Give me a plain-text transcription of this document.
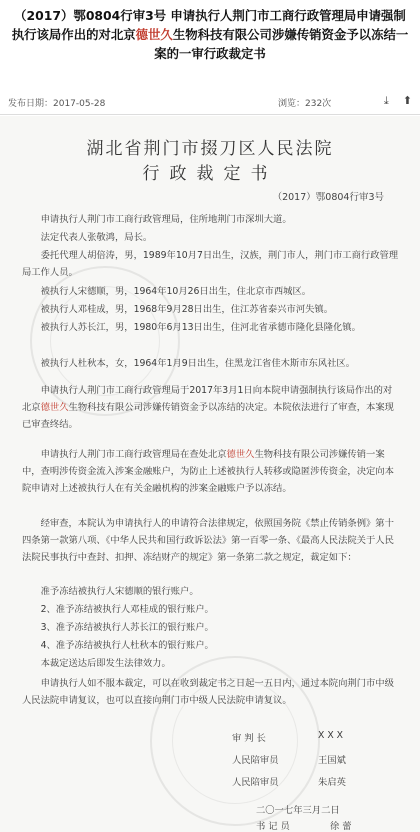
（2017）鄂0804行审3号 申请执行人荆门市工商行政管理局申请强制执行该局作出的对北京德世久生物科技有限公司涉嫌传销资金予以冻结一案的一审行政裁定书
发布日期：2017-05-28	浏览：232次	⤓ ⬆
湖北省荆门市掇刀区人民法院
行政裁定书
（2017）鄂0804行审3号
申请执行人荆门市工商行政管理局，住所地荆门市深圳大道。
法定代表人张敬鸿，局长。
委托代理人胡倍涛，男，1989年10月7日出生，汉族，荆门市人，荆门市工商行政管理局工作人员。
被执行人宋德顺，男，1964年10月26日出生，住北京市西城区。
被执行人邓桂成，男，1968年9月28日出生，住江苏省泰兴市河失镇。
被执行人苏长江，男，1980年6月13日出生，住河北省承德市隆化县隆化镇。
被执行人杜秋本，女，1964年1月9日出生，住黑龙江省佳木斯市东风社区。
申请执行人荆门市工商行政管理局于2017年3月1日向本院申请强制执行该局作出的对北京德世久生物科技有限公司涉嫌传销资金予以冻结的决定。本院依法进行了审查，本案现已审查终结。
申请执行人荆门市工商行政管理局在查处北京德世久生物科技有限公司涉嫌传销一案中，查明涉传资金流入涉案金融账户，为防止上述被执行人转移或隐匿涉传资金，决定向本院申请对上述被执行人在有关金融机构的涉案金融账户予以冻结。
经审查，本院认为申请执行人的申请符合法律规定，依照国务院《禁止传销条例》第十四条第一款第八项、《中华人民共和国行政诉讼法》第一百零一条、《最高人民法院关于人民法院民事执行中查封、扣押、冻结财产的规定》第一条第二款之规定，裁定如下：
准予冻结被执行人宋德顺的银行账户。
2、准予冻结被执行人邓桂成的银行账户。
3、准予冻结被执行人苏长江的银行账户。
4、准予冻结被执行人杜秋本的银行账户。
本裁定送达后即发生法律效力。
申请执行人如不服本裁定，可以在收到裁定书之日起一五日内，通过本院向荆门市中级人民法院申请复议，也可以直接向荆门市中级人民法院申请复议。
审 判 长	X X X
人民陪审员	王国斌
人民陪审员	朱启英
二〇一七年三月二日
书 记 员	徐 蕾
